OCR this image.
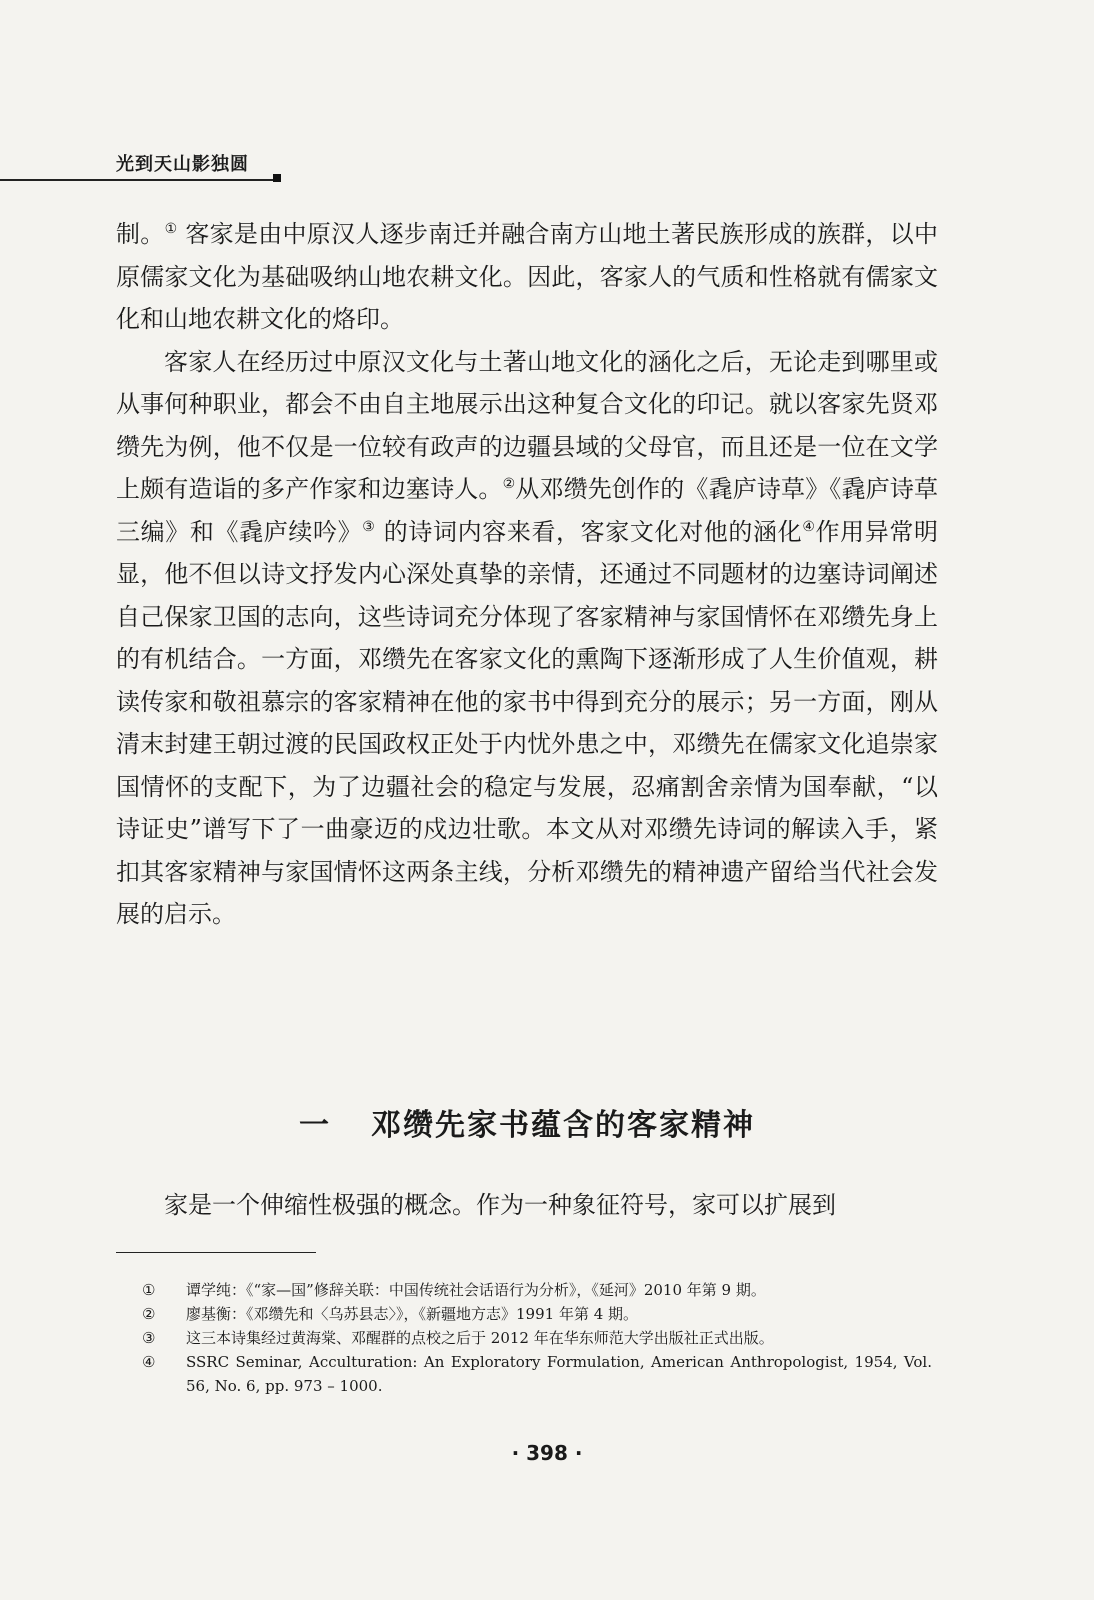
光到天山影独圆

制。① 客家是由中原汉人逐步南迁并融合南方山地土著民族形成的族群，以中原儒家文化为基础吸纳山地农耕文化。因此，客家人的气质和性格就有儒家文化和山地农耕文化的烙印。

客家人在经历过中原汉文化与土著山地文化的涵化之后，无论走到哪里或从事何种职业，都会不由自主地展示出这种复合文化的印记。就以客家先贤邓缵先为例，他不仅是一位较有政声的边疆县域的父母官，而且还是一位在文学上颇有造诣的多产作家和边塞诗人。②从邓缵先创作的《毳庐诗草》《毳庐诗草三编》和《毳庐续吟》③ 的诗词内容来看，客家文化对他的涵化④作用异常明显，他不但以诗文抒发内心深处真挚的亲情，还通过不同题材的边塞诗词阐述自己保家卫国的志向，这些诗词充分体现了客家精神与家国情怀在邓缵先身上的有机结合。一方面，邓缵先在客家文化的熏陶下逐渐形成了人生价值观，耕读传家和敬祖慕宗的客家精神在他的家书中得到充分的展示；另一方面，刚从清末封建王朝过渡的民国政权正处于内忧外患之中，邓缵先在儒家文化追崇家国情怀的支配下，为了边疆社会的稳定与发展，忍痛割舍亲情为国奉献，“以诗证史”谱写下了一曲豪迈的戍边壮歌。本文从对邓缵先诗词的解读入手，紧扣其客家精神与家国情怀这两条主线，分析邓缵先的精神遗产留给当代社会发展的启示。

一 邓缵先家书蕴含的客家精神

家是一个伸缩性极强的概念。作为一种象征符号，家可以扩展到

①	谭学纯：《“家—国”修辞关联：中国传统社会话语行为分析》，《延河》2010 年第 9 期。

②	廖基衡：《邓缵先和〈乌苏县志〉》，《新疆地方志》1991 年第 4 期。

③	这三本诗集经过黄海棠、邓醒群的点校之后于 2012 年在华东师范大学出版社正式出版。

④	SSRC Seminar, Acculturation: An Exploratory Formulation, American Anthropologist, 1954, Vol. 56, No. 6, pp. 973 – 1000.

· 398 ·
